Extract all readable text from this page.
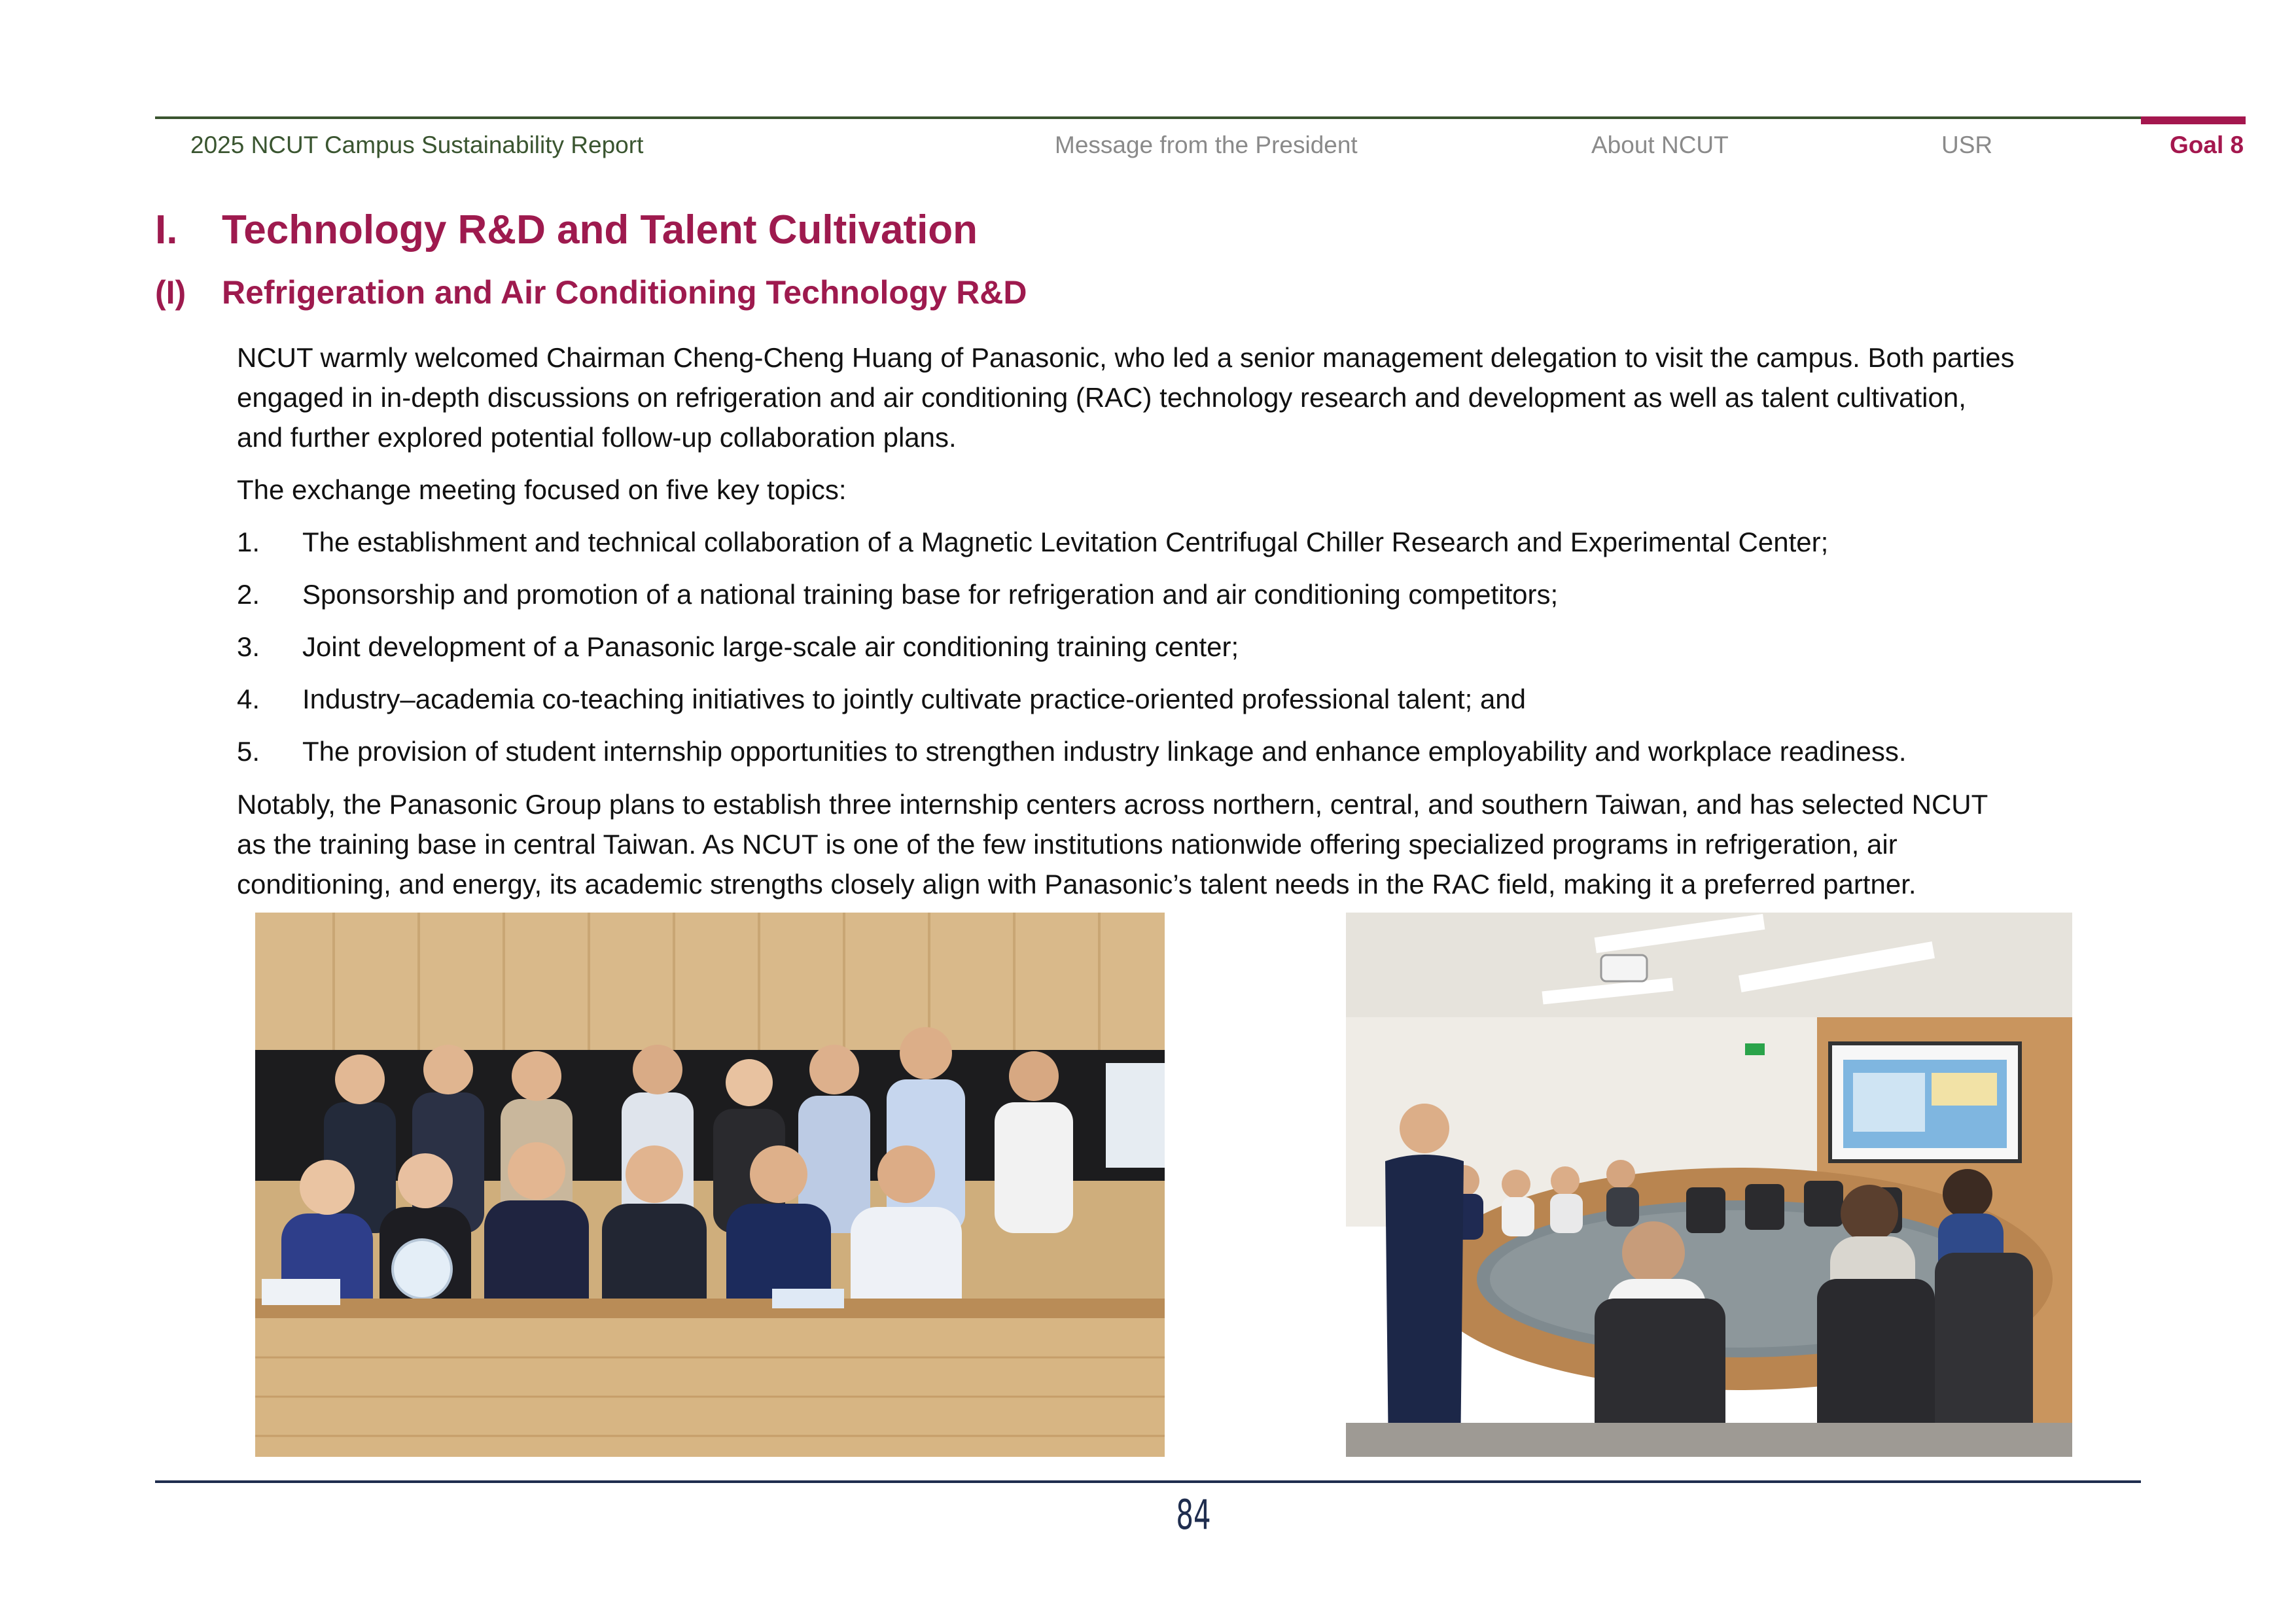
2025 NCUT Campus Sustainability Report	Message from the President	About NCUT	USR	Goal 8
I. Technology R&D and Talent Cultivation
(I) Refrigeration and Air Conditioning Technology R&D
NCUT warmly welcomed Chairman Cheng-Cheng Huang of Panasonic, who led a senior management delegation to visit the campus. Both parties
engaged in in-depth discussions on refrigeration and air conditioning (RAC) technology research and development as well as talent cultivation,
and further explored potential follow-up collaboration plans.
The exchange meeting focused on five key topics:
1. The establishment and technical collaboration of a Magnetic Levitation Centrifugal Chiller Research and Experimental Center;
2. Sponsorship and promotion of a national training base for refrigeration and air conditioning competitors;
3. Joint development of a Panasonic large-scale air conditioning training center;
4. Industry–academia co-teaching initiatives to jointly cultivate practice-oriented professional talent; and
5. The provision of student internship opportunities to strengthen industry linkage and enhance employability and workplace readiness.
Notably, the Panasonic Group plans to establish three internship centers across northern, central, and southern Taiwan, and has selected NCUT
as the training base in central Taiwan. As NCUT is one of the few institutions nationwide offering specialized programs in refrigeration, air
conditioning, and energy, its academic strengths closely align with Panasonic’s talent needs in the RAC field, making it a preferred partner.
84
